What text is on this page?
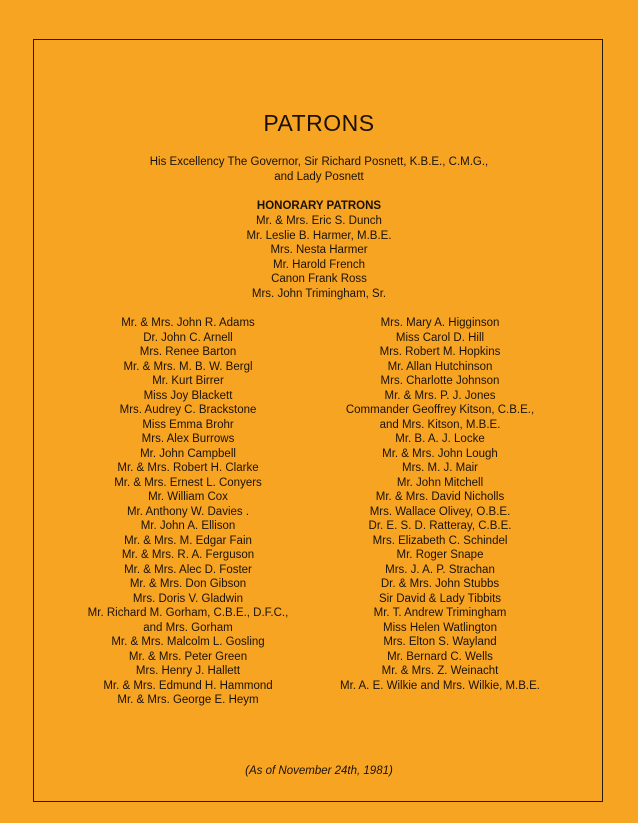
PATRONS
His Excellency The Governor, Sir Richard Posnett, K.B.E., C.M.G.,
and Lady Posnett
HONORARY PATRONS
Mr. & Mrs. Eric S. Dunch
Mr. Leslie B. Harmer, M.B.E.
Mrs. Nesta Harmer
Mr. Harold French
Canon Frank Ross
Mrs. John Trimingham, Sr.
Mr. & Mrs. John R. Adams
Dr. John C. Arnell
Mrs. Renee Barton
Mr. & Mrs. M. B. W. Bergl
Mr. Kurt Birrer
Miss Joy Blackett
Mrs. Audrey C. Brackstone
Miss Emma Brohr
Mrs. Alex Burrows
Mr. John Campbell
Mr. & Mrs. Robert H. Clarke
Mr. & Mrs. Ernest L. Conyers
Mr. William Cox
Mr. Anthony W. Davies .
Mr. John A. Ellison
Mr. & Mrs. M. Edgar Fain
Mr. & Mrs. R. A. Ferguson
Mr. & Mrs. Alec D. Foster
Mr. & Mrs. Don Gibson
Mrs. Doris V. Gladwin
Mr. Richard M. Gorham, C.B.E., D.F.C.,
and Mrs. Gorham
Mr. & Mrs. Malcolm L. Gosling
Mr. & Mrs. Peter Green
Mrs. Henry J. Hallett
Mr. & Mrs. Edmund H. Hammond
Mr. & Mrs. George E. Heym
Mrs. Mary A. Higginson
Miss Carol D. Hill
Mrs. Robert M. Hopkins
Mr. Allan Hutchinson
Mrs. Charlotte Johnson
Mr. & Mrs. P. J. Jones
Commander Geoffrey Kitson, C.B.E.,
and Mrs. Kitson, M.B.E.
Mr. B. A. J. Locke
Mr. & Mrs. John Lough
Mrs. M. J. Mair
Mr. John Mitchell
Mr. & Mrs. David Nicholls
Mrs. Wallace Olivey, O.B.E.
Dr. E. S. D. Ratteray, C.B.E.
Mrs. Elizabeth C. Schindel
Mr. Roger Snape
Mrs. J. A. P. Strachan
Dr. & Mrs. John Stubbs
Sir David & Lady Tibbits
Mr. T. Andrew Trimingham
Miss Helen Watlington
Mrs. Elton S. Wayland
Mr. Bernard C. Wells
Mr. & Mrs. Z. Weinacht
Mr. A. E. Wilkie and Mrs. Wilkie, M.B.E.
(As of November 24th, 1981)
